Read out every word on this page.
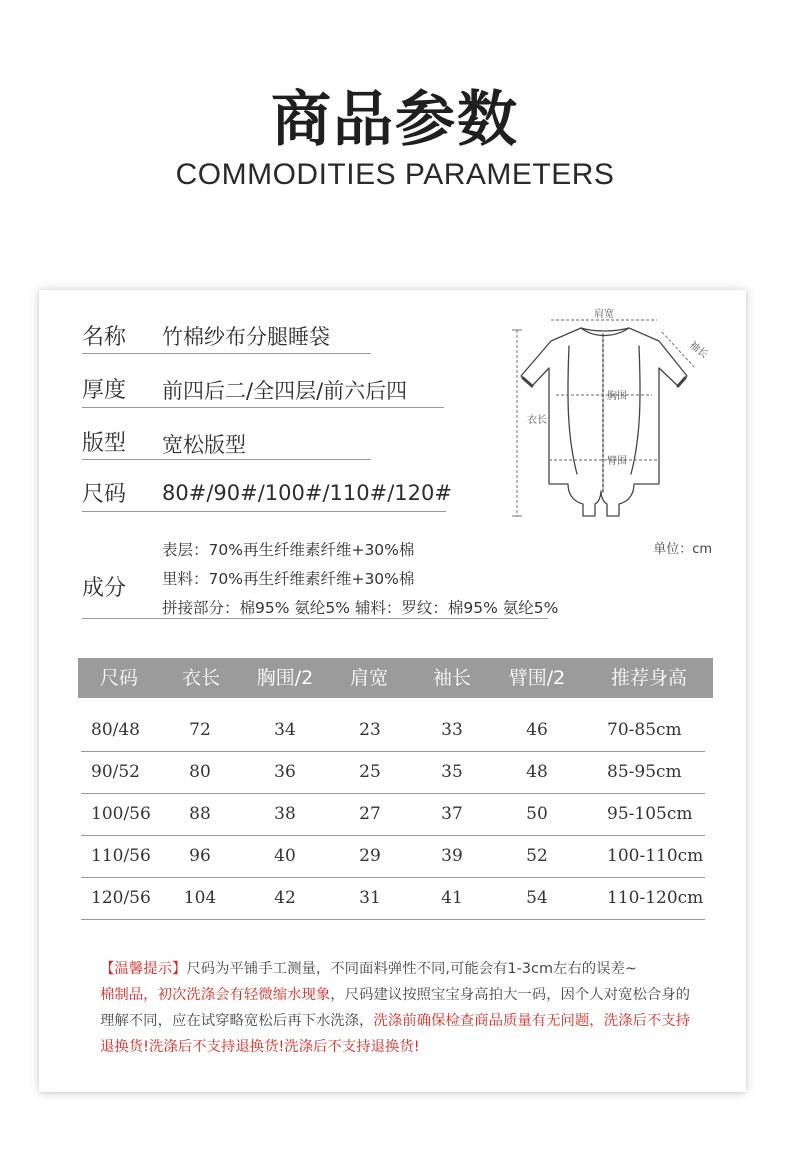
商品参数
COMMODITIES PARAMETERS
名称 竹棉纱布分腿睡袋
厚度 前四后二/全四层/前六后四
版型 宽松版型
尺码 80#/90#/100#/110#/120#
成分
表层：70%再生纤维素纤维+30%棉
里料：70%再生纤维素纤维+30%棉
拼接部分：棉95% 氨纶5% 辅料：罗纹：棉95% 氨纶5%
肩宽
袖长
胸围
衣长
臂围
单位：cm
尺码 衣长 胸围/2 肩宽 袖长 臂围/2 推荐身高
80/48	72	34	23	33	46	70-85cm
90/52	80	36	25	35	48	85-95cm
100/56 88	38	27	37	50	95-105cm
110/56 96	40	29	39	52	100-110cm
120/56 104	42	31	41	54	110-120cm
【温馨提示】尺码为平铺手工测量，不同面料弹性不同,可能会有1-3cm左右的误差~
棉制品，初次洗涤会有轻微缩水现象，尺码建议按照宝宝身高拍大一码，因个人对宽松合身的理解不同，应在试穿略宽松后再下水洗涤，洗涤前确保检查商品质量有无问题，洗涤后不支持退换货!洗涤后不支持退换货!洗涤后不支持退换货!
